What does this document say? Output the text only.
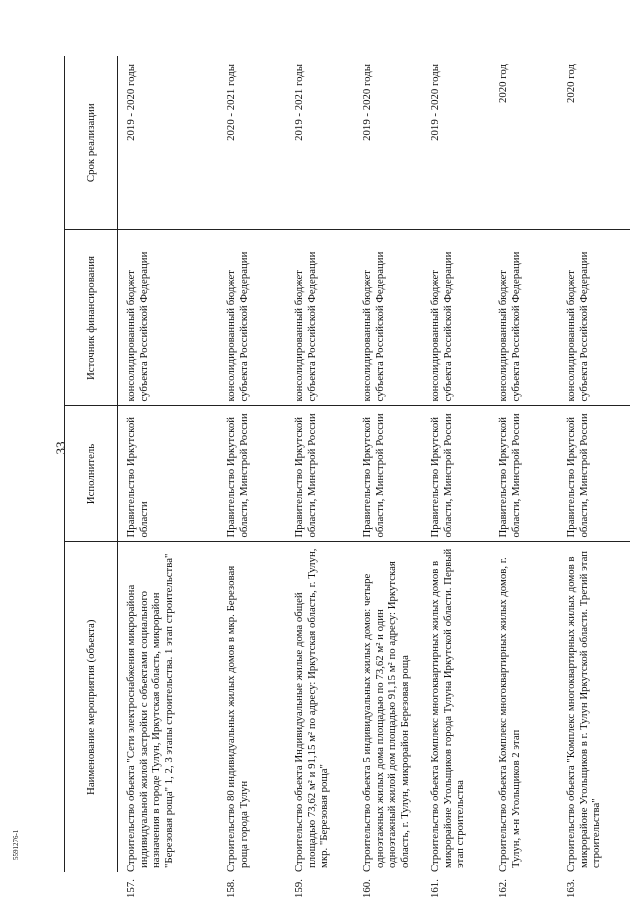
33
5591276-1
Наименование мероприятия (объекта)	Исполнитель	Источник финансирования	Срок реализации
157.Строительство объекта "Сети электроснабжения микрорайона индивидуальной жилой застройки с объектами социального назначения в городе Тулун, Иркутская область, микрорайон "Березовая роща" 1, 2, 3 этапы строительства. 1 этап строительства"	Правительство Иркутской области	консолидированный бюджет субъекта Российской Федерации	2019 - 2020 годы
158.Строительство 80 индивидуальных жилых домов в мкр. Березовая роща города Тулун	Правительство Иркутской области, Минстрой России	консолидированный бюджет субъекта Российской Федерации	2020 - 2021 годы
159.Строительство объекта Индивидуальные жилые дома общей площадью 73,62 м² и 91,15 м² по адресу: Иркутская область, г. Тулун, мкр. "Березовая роща"	Правительство Иркутской области, Минстрой России	консолидированный бюджет субъекта Российской Федерации	2019 - 2021 годы
160.Строительство объекта 5 индивидуальных жилых домов: четыре одноэтажных жилых дома площадью по 73,62 м² и один одноэтажный жилой дом площадью 91,15 м² по адресу: Иркутская область, г. Тулун, микрорайон Березовая роща	Правительство Иркутской области, Минстрой России	консолидированный бюджет субъекта Российской Федерации	2019 - 2020 годы
161.Строительство объекта Комплекс многоквартирных жилых домов в микрорайоне Угольщиков города Тулуна Иркутской области. Первый этап строительства	Правительство Иркутской области, Минстрой России	консолидированный бюджет субъекта Российской Федерации	2019 - 2020 годы
162.Строительство объекта Комплекс многоквартирных жилых домов, г. Тулун, м-н Угольщиков 2 этап	Правительство Иркутской области, Минстрой России	консолидированный бюджет субъекта Российской Федерации	2020 год
163.Строительство объекта "Комплекс многоквартирных жилых домов в микрорайоне Угольщиков в г. Тулун Иркутской области. Третий этап строительства"	Правительство Иркутской области, Минстрой России	консолидированный бюджет субъекта Российской Федерации	2020 год
